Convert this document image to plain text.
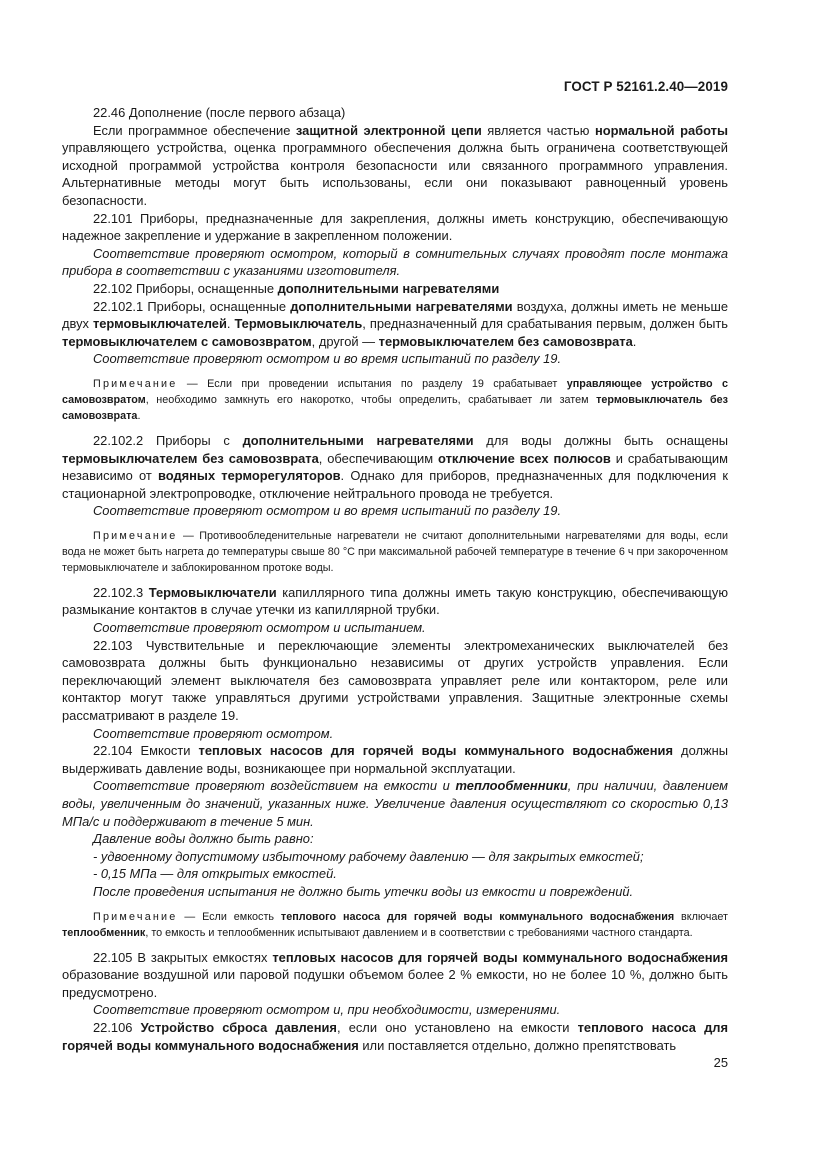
ГОСТ Р 52161.2.40—2019

22.46 Дополнение (после первого абзаца)

Если программное обеспечение защитной электронной цепи является частью нормальной работы управляющего устройства, оценка программного обеспечения должна быть ограничена соответствующей исходной программой устройства контроля безопасности или связанного программного управления. Альтернативные методы могут быть использованы, если они показывают равноценный уровень безопасности.

22.101 Приборы, предназначенные для закрепления, должны иметь конструкцию, обеспечивающую надежное закрепление и удержание в закрепленном положении.

Соответствие проверяют осмотром, который в сомнительных случаях проводят после монтажа прибора в соответствии с указаниями изготовителя.

22.102 Приборы, оснащенные дополнительными нагревателями

22.102.1 Приборы, оснащенные дополнительными нагревателями воздуха, должны иметь не меньше двух термовыключателей. Термовыключатель, предназначенный для срабатывания первым, должен быть термовыключателем с самовозвратом, другой — термовыключателем без самовозврата.

Соответствие проверяют осмотром и во время испытаний по разделу 19.

Примечание — Если при проведении испытания по разделу 19 срабатывает управляющее устройство с самовозвратом, необходимо замкнуть его накоротко, чтобы определить, срабатывает ли затем термовыключатель без самовозврата.

22.102.2 Приборы с дополнительными нагревателями для воды должны быть оснащены термовыключателем без самовозврата, обеспечивающим отключение всех полюсов и срабатывающим независимо от водяных терморегуляторов. Однако для приборов, предназначенных для подключения к стационарной электропроводке, отключение нейтрального провода не требуется.

Соответствие проверяют осмотром и во время испытаний по разделу 19.

Примечание — Противообледенительные нагреватели не считают дополнительными нагревателями для воды, если вода не может быть нагрета до температуры свыше 80 °С при максимальной рабочей температуре в течение 6 ч при закороченном термовыключателе и заблокированном протоке воды.

22.102.3 Термовыключатели капиллярного типа должны иметь такую конструкцию, обеспечивающую размыкание контактов в случае утечки из капиллярной трубки.

Соответствие проверяют осмотром и испытанием.

22.103 Чувствительные и переключающие элементы электромеханических выключателей без самовозврата должны быть функционально независимы от других устройств управления. Если переключающий элемент выключателя без самовозврата управляет реле или контактором, реле или контактор могут также управляться другими устройствами управления. Защитные электронные схемы рассматривают в разделе 19.

Соответствие проверяют осмотром.

22.104 Емкости тепловых насосов для горячей воды коммунального водоснабжения должны выдерживать давление воды, возникающее при нормальной эксплуатации.

Соответствие проверяют воздействием на емкости и теплообменники, при наличии, давлением воды, увеличенным до значений, указанных ниже. Увеличение давления осуществляют со скоростью 0,13 МПа/с и поддерживают в течение 5 мин.

Давление воды должно быть равно:

- удвоенному допустимому избыточному рабочему давлению — для закрытых емкостей;

- 0,15 МПа — для открытых емкостей.

После проведения испытания не должно быть утечки воды из емкости и повреждений.

Примечание — Если емкость теплового насоса для горячей воды коммунального водоснабжения включает теплообменник, то емкость и теплообменник испытывают давлением и в соответствии с требованиями частного стандарта.

22.105 В закрытых емкостях тепловых насосов для горячей воды коммунального водоснабжения образование воздушной или паровой подушки объемом более 2 % емкости, но не более 10 %, должно быть предусмотрено.

Соответствие проверяют осмотром и, при необходимости, измерениями.

22.106 Устройство сброса давления, если оно установлено на емкости теплового насоса для горячей воды коммунального водоснабжения или поставляется отдельно, должно препятствовать

25
